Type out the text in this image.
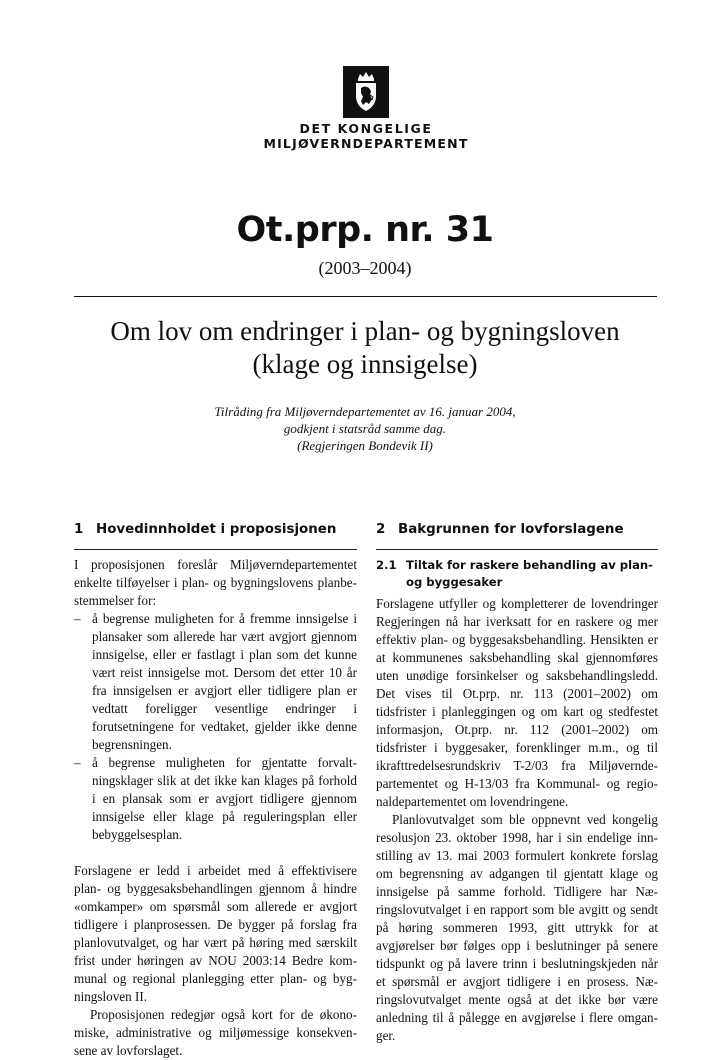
DET KONGELIGE
MILJØVERNDEPARTEMENT
Ot.prp. nr. 31
(2003–2004)
Om lov om endringer i plan- og bygningsloven
(klage og innsigelse)
Tilråding fra Miljøverndepartementet av 16. januar 2004,
godkjent i statsråd samme dag.
(Regjeringen Bondevik II)
1 Hovedinnholdet i proposisjonen

I proposisjonen foreslår Miljøverndepartementet enkelte tilføyelser i plan- og bygningslovens planbestemmelser for:

– å begrense muligheten for å fremme innsigelse i plansaker som allerede har vært avgjort gjennom innsigelse, eller er fastlagt i plan som det kunne vært reist innsigelse mot. Dersom det etter 10 år fra innsigelsen er avgjort eller tidligere plan er vedtatt foreligger vesentlige endringer i forutsetningene for vedtaket, gjelder ikke denne begrensningen.
– å begrense muligheten for gjentatte forvaltningsklager slik at det ikke kan klages på forhold i en plansak som er avgjort tidligere gjennom innsigelse eller klage på reguleringsplan eller bebyggelsesplan.

Forslagene er ledd i arbeidet med å effektivisere plan- og byggesaksbehandlingen gjennom å hindre «omkamper» om spørsmål som allerede er avgjort tidligere i planprosessen. De bygger på forslag fra planlovutvalget, og har vært på høring med særskilt frist under høringen av NOU 2003:14 Bedre kommunal og regional planlegging etter plan- og bygningsloven II.

Proposisjonen redegjør også kort for de økonomiske, administrative og miljømessige konsekvensene av lovforslaget.

2 Bakgrunnen for lovforslagene
2.1 Tiltak for raskere behandling av plan- og byggesaker

Forslagene utfyller og kompletterer de lovendringer Regjeringen nå har iverksatt for en raskere og mer effektiv plan- og byggesaksbehandling. Hensikten er at kommunenes saksbehandling skal gjennomføres uten unødige forsinkelser og saksbehandlingsledd. Det vises til Ot.prp. nr. 113 (2001–2002) om tidsfrister i planleggingen og om kart og stedfestet informasjon, Ot.prp. nr. 112 (2001–2002) om tidsfrister i byggesaker, forenklinger m.m., og til ikrafttredelsesrundskriv T-2/03 fra Miljøverndepartementet og H-13/03 fra Kommunal- og regionaldepartementet om lovendringene.

Planlovutvalget som ble oppnevnt ved kongelig resolusjon 23. oktober 1998, har i sin endelige innstilling av 13. mai 2003 formulert konkrete forslag om begrensning av adgangen til gjentatt klage og innsigelse på samme forhold. Tidligere har Næringslovutvalget i en rapport som ble avgitt og sendt på høring sommeren 1993, gitt uttrykk for at avgjørelser bør følges opp i beslutninger på senere tidspunkt og på lavere trinn i beslutningskjeden når et spørsmål er avgjort tidligere i en prosess. Næringslovutvalget mente også at det ikke bør være anledning til å pålegge en avgjørelse i flere omganger.
